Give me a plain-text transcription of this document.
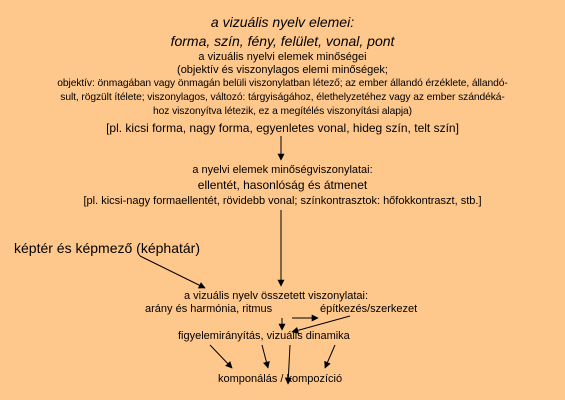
a vizuális nyelv elemei:
forma, szín, fény, felület, vonal, pont
a vizuális nyelvi elemek minőségei
(objektív és viszonylagos elemi minőségek;
objektív: önmagában vagy önmagán belüli viszonylatban létező; az ember állandó érzéklete, állandó-
sult, rögzült ítélete; viszonylagos, változó: tárgyiságához, élethelyzetéhez vagy az ember szándéká-
hoz viszonyítva létezik, ez a megítélés viszonyítási alapja)
[pl. kicsi forma, nagy forma, egyenletes vonal, hideg szín, telt szín]
a nyelvi elemek minőségviszonylatai:
ellentét, hasonlóság és átmenet
[pl. kicsi-nagy formaellentét, rövidebb vonal; színkontrasztok: hőfokkontraszt, stb.]
képtér és képmező (képhatár)
a vizuális nyelv összetett viszonylatai:
arány és harmónia, ritmus	építkezés/szerkezet
figyelemirányítás, vizuális dinamika
komponálás / kompozíció
